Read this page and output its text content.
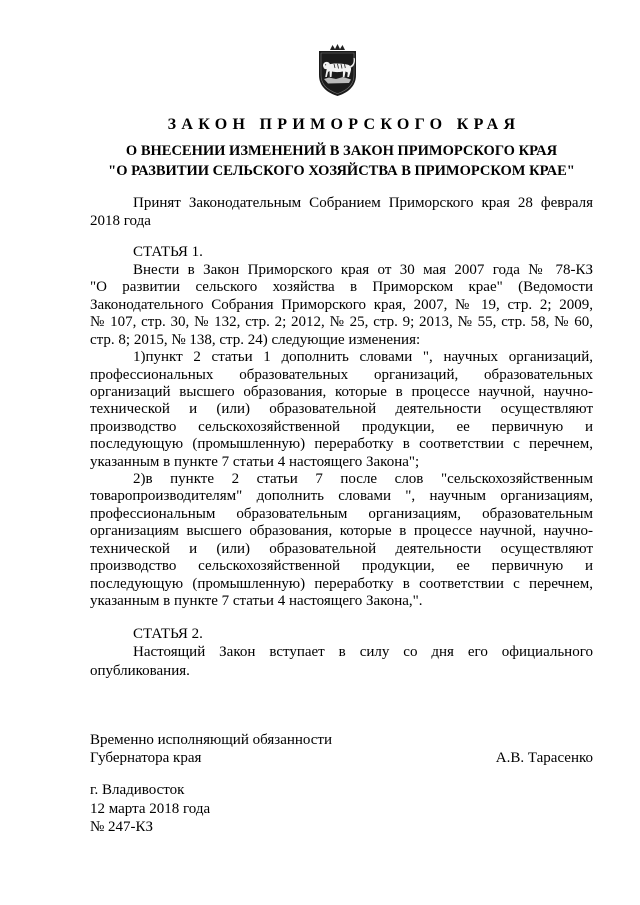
ЗАКОН ПРИМОРСКОГО КРАЯ
О ВНЕСЕНИИ ИЗМЕНЕНИЙ В ЗАКОН ПРИМОРСКОГО КРАЯ
"О РАЗВИТИИ СЕЛЬСКОГО ХОЗЯЙСТВА В ПРИМОРСКОМ КРАЕ"
Принят Законодательным Собранием Приморского края 28 февраля
2018 года
СТАТЬЯ 1.
Внести в Закон Приморского края от 30 мая 2007 года № 78-КЗ
"О развитии сельского хозяйства в Приморском крае" (Ведомости
Законодательного Собрания Приморского края, 2007, № 19, стр. 2; 2009,
№ 107, стр. 30, № 132, стр. 2; 2012, № 25, стр. 9; 2013, № 55, стр. 58, № 60,
стр. 8; 2015, № 138, стр. 24) следующие изменения:
1)пункт 2 статьи 1 дополнить словами ", научных организаций,
профессиональных образовательных организаций, образовательных
организаций высшего образования, которые в процессе научной, научно-
технической и (или) образовательной деятельности осуществляют
производство сельскохозяйственной продукции, ее первичную и
последующую (промышленную) переработку в соответствии с перечнем,
указанным в пункте 7 статьи 4 настоящего Закона";
2)в пункте 2 статьи 7 после слов "сельскохозяйственным
товаропроизводителям" дополнить словами ", научным организациям,
профессиональным образовательным организациям, образовательным
организациям высшего образования, которые в процессе научной, научно-
технической и (или) образовательной деятельности осуществляют
производство сельскохозяйственной продукции, ее первичную и
последующую (промышленную) переработку в соответствии с перечнем,
указанным в пункте 7 статьи 4 настоящего Закона,".
СТАТЬЯ 2.
Настоящий Закон вступает в силу со дня его официального
опубликования.
Временно исполняющий обязанности
Губернатора края	А.В. Тарасенко
г. Владивосток
12 марта 2018 года
№ 247-КЗ
